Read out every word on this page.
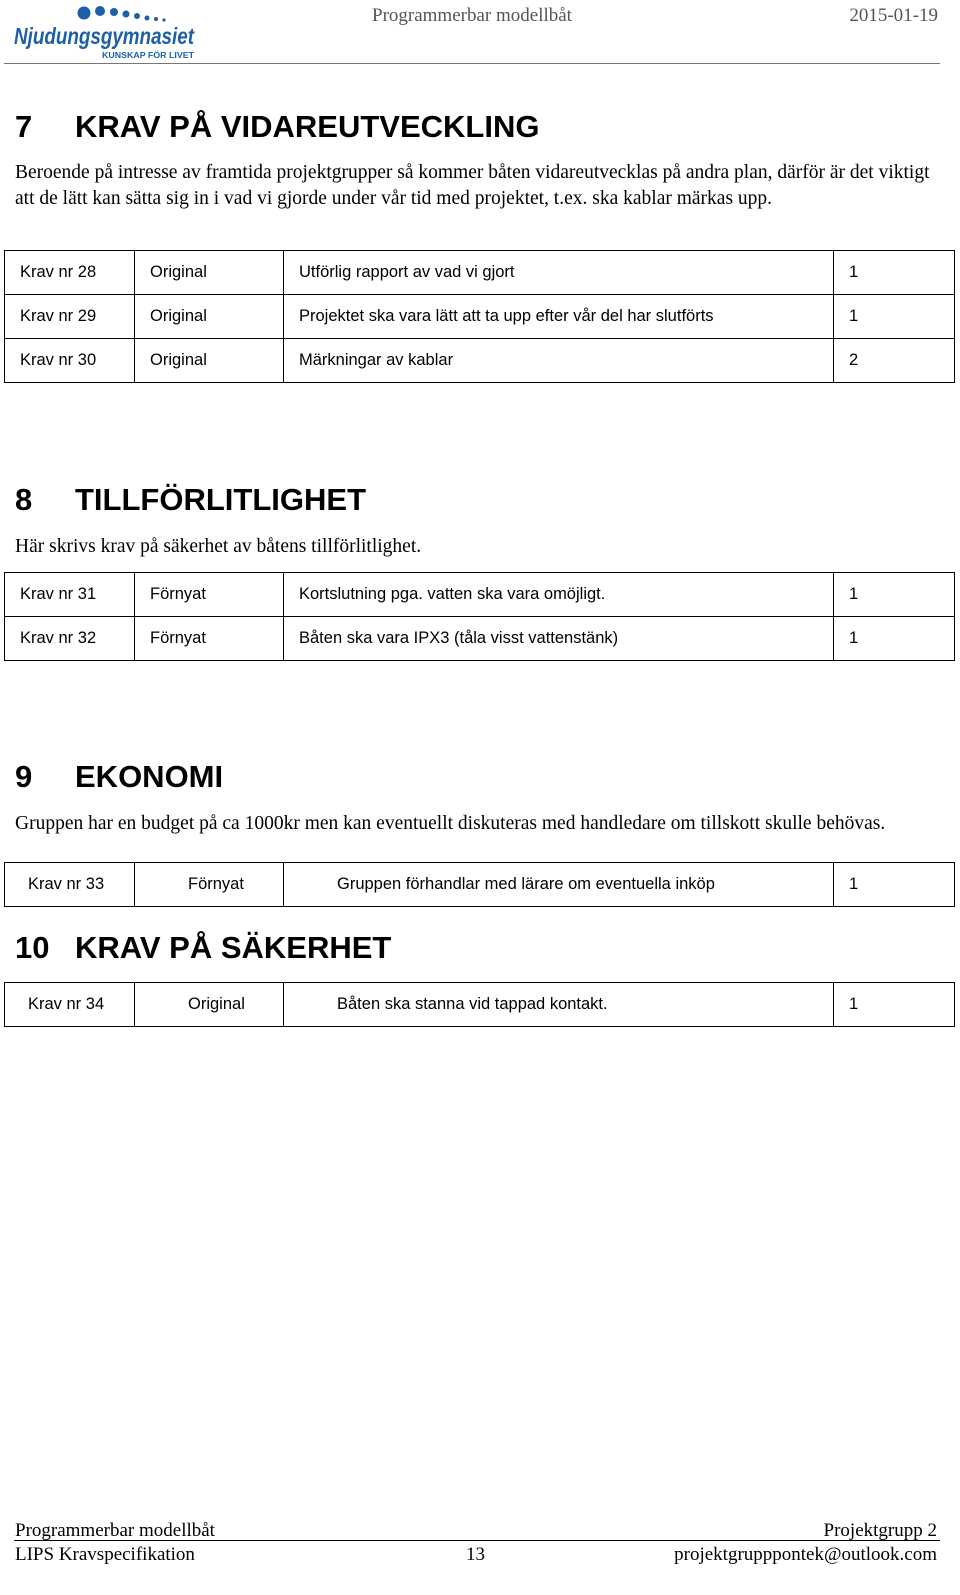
Njudungsgymnasiet
KUNSKAP FÖR LIVET
Programmerbar modellbåt	2015-01-19
7 KRAV PÅ VIDAREUTVECKLING
Beroende på intresse av framtida projektgrupper så kommer båten vidareutvecklas på andra plan, därför är det viktigt att de lätt kan sätta sig in i vad vi gjorde under vår tid med projektet, t.ex. ska kablar märkas upp.
Krav nr 28	Original	Utförlig rapport av vad vi gjort	1
Krav nr 29	Original	Projektet ska vara lätt att ta upp efter vår del har slutförts	1
Krav nr 30	Original	Märkningar av kablar	2
8 TILLFÖRLITLIGHET
Här skrivs krav på säkerhet av båtens tillförlitlighet.
Krav nr 31	Förnyat	Kortslutning pga. vatten ska vara omöjligt.	1
Krav nr 32	Förnyat	Båten ska vara IPX3 (tåla visst vattenstänk)	1
9 EKONOMI
Gruppen har en budget på ca 1000kr men kan eventuellt diskuteras med handledare om tillskott skulle behövas.
Krav nr 33	Förnyat	Gruppen förhandlar med lärare om eventuella inköp	1
10 KRAV PÅ SÄKERHET
Krav nr 34	Original	Båten ska stanna vid tappad kontakt.	1
Programmerbar modellbåt
LIPS Kravspecifikation	13
Projektgrupp 2
projektgrupppontek@outlook.com
